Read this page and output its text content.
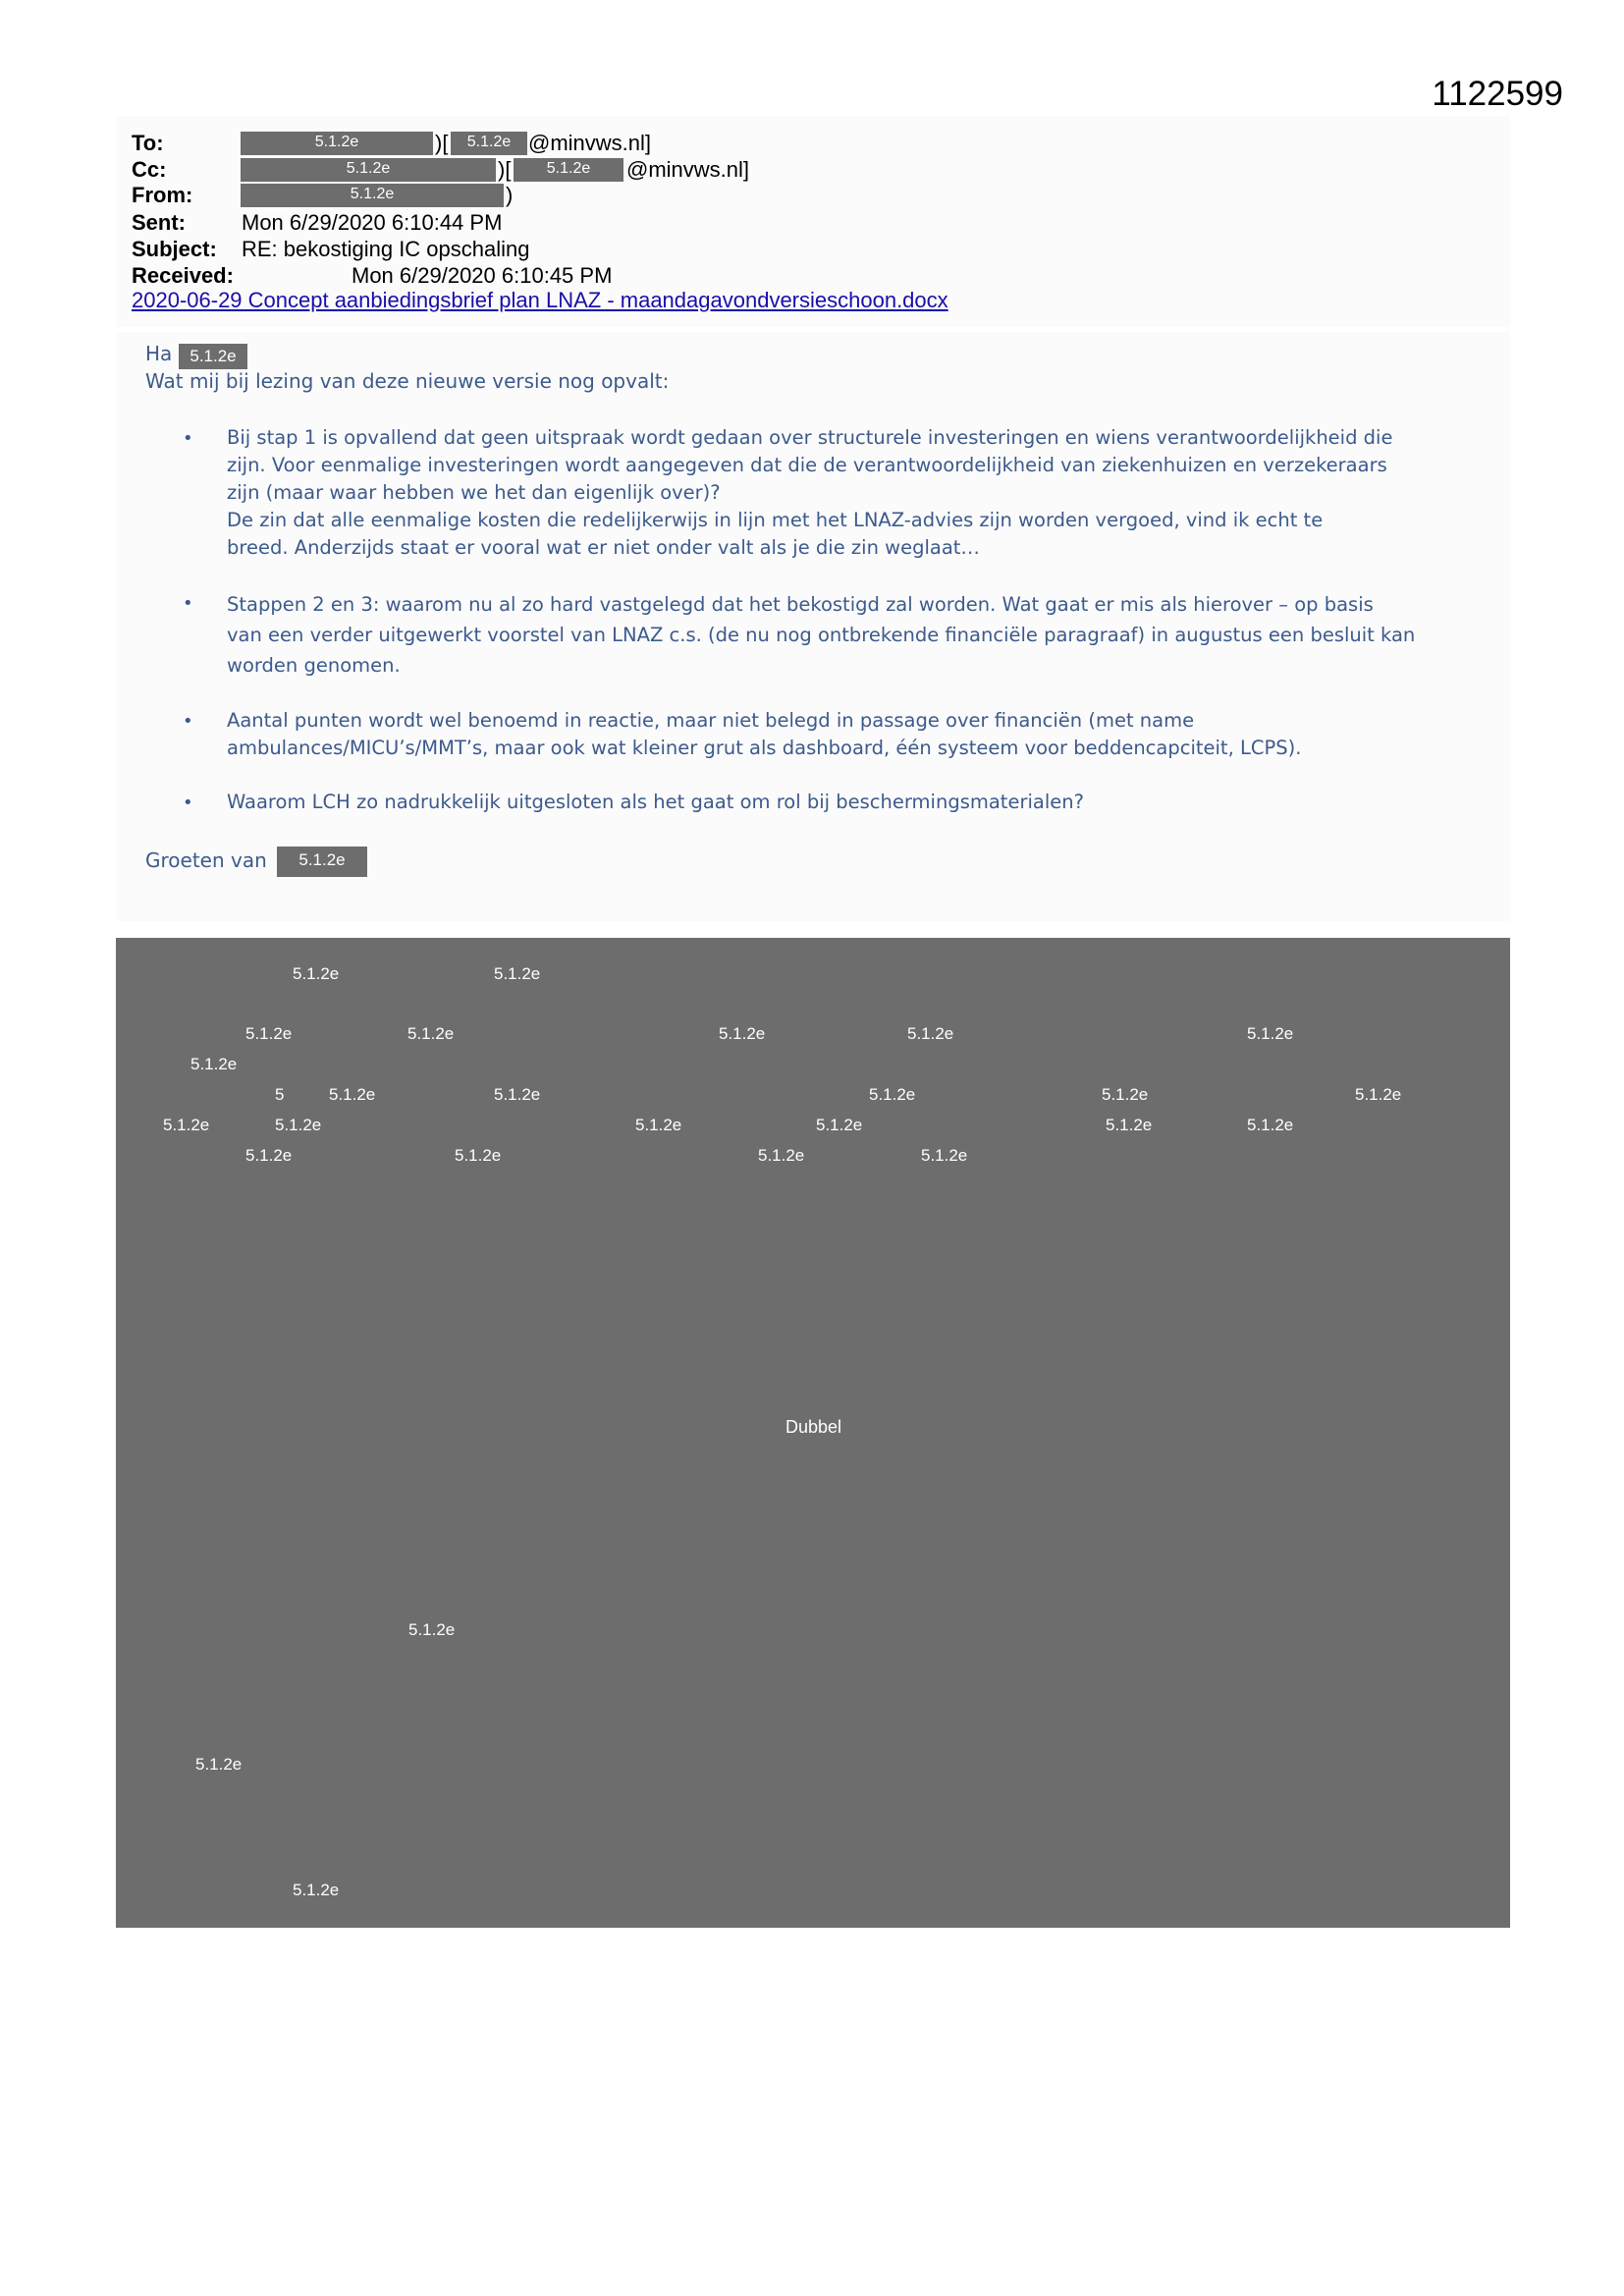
1122599
To:	5.1.2e	)[	5.1.2e @minvws.nl]
Cc:	5.1.2e	)[	5.1.2e	@minvws.nl]
From:	5.1.2e	)
Sent:	Mon 6/29/2020 6:10:44 PM
Subject: RE: bekostiging IC opschaling
Received:	Mon 6/29/2020 6:10:45 PM
2020-06-29 Concept aanbiedingsbrief plan LNAZ - maandagavondversieschoon.docx
Ha	5.1.2e
Wat mij bij lezing van deze nieuwe versie nog opvalt:
• Bij stap 1 is opvallend dat geen uitspraak wordt gedaan over structurele investeringen en wiens verantwoordelijkheid die
zijn. Voor eenmalige investeringen wordt aangegeven dat die de verantwoordelijkheid van ziekenhuizen en verzekeraars
zijn (maar waar hebben we het dan eigenlijk over)?
De zin dat alle eenmalige kosten die redelijkerwijs in lijn met het LNAZ-advies zijn worden vergoed, vind ik echt te
breed. Anderzijds staat er vooral wat er niet onder valt als je die zin weglaat…

• Stappen 2 en 3: waarom nu al zo hard vastgelegd dat het bekostigd zal worden. Wat gaat er mis als hierover – op basis
van een verder uitgewerkt voorstel van LNAZ c.s. (de nu nog ontbrekende financiële paragraaf) in augustus een besluit kan
worden genomen.

• Aantal punten wordt wel benoemd in reactie, maar niet belegd in passage over financiën (met name
ambulances/MICU’s/MMT’s, maar ook wat kleiner grut als dashboard, één systeem voor beddencapciteit, LCPS).

• Waarom LCH zo nadrukkelijk uitgesloten als het gaat om rol bij beschermingsmaterialen?

Groeten van	5.1.2e
5.1.2e	5.1.2e
5.1.2e	5.1.2e	5.1.2e	5.1.2e	5.1.2e
5.1.2e
5	5.1.2e	5.1.2e	5.1.2e	5.1.2e	5.1.2e
5.1.2e	5.1.2e	5.1.2e	5.1.2e	5.1.2e	5.1.2e
5.1.2e	5.1.2e	5.1.2e	5.1.2e
Dubbel
5.1.2e
5.1.2e
5.1.2e
